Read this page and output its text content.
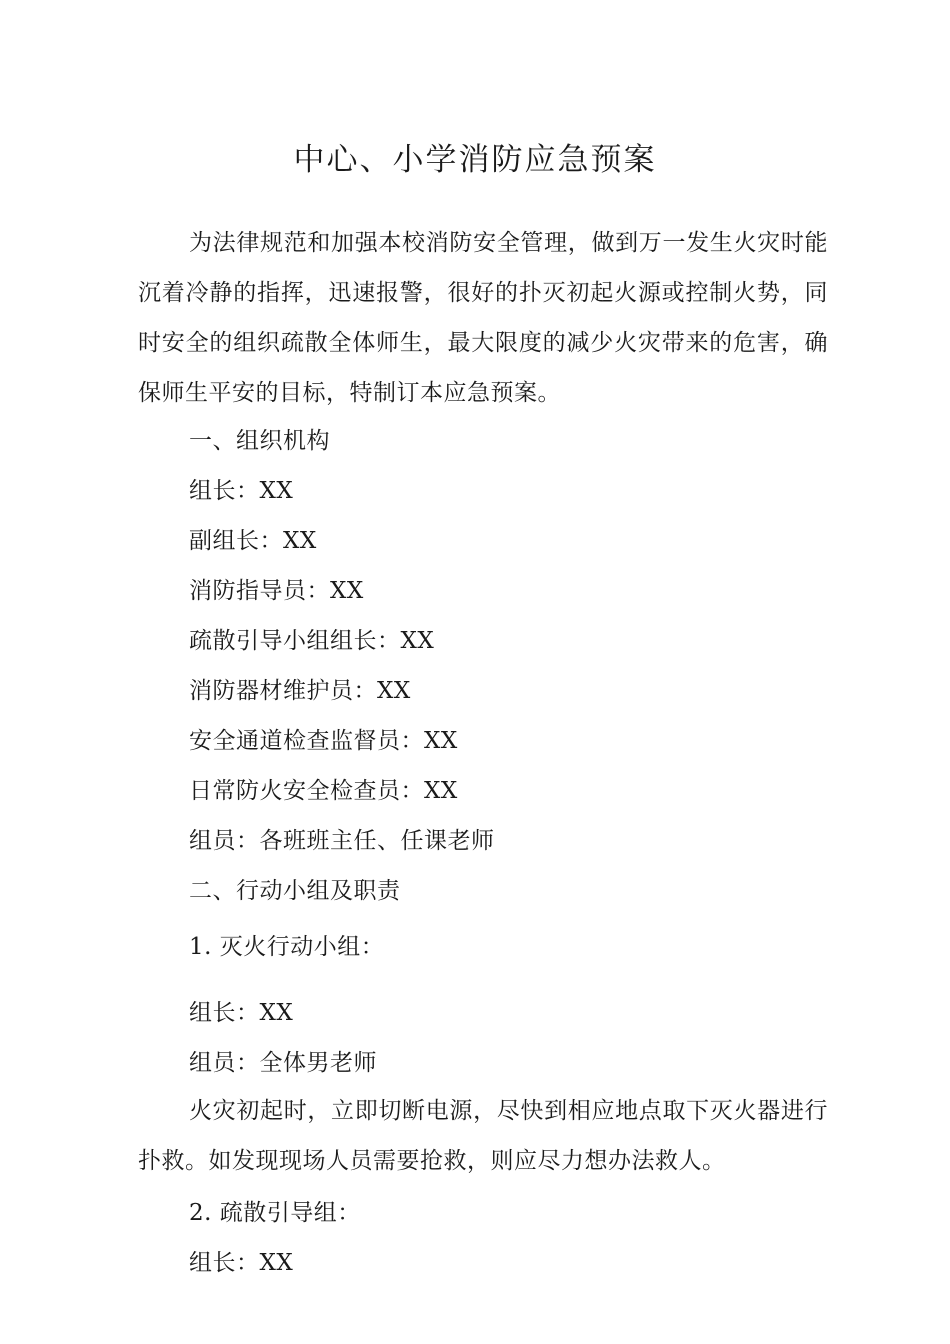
中心、小学消防应急预案
为法律规范和加强本校消防安全管理，做到万一发生火灾时能沉着冷静的指挥，迅速报警，很好的扑灭初起火源或控制火势，同时安全的组织疏散全体师生，最大限度的减少火灾带来的危害，确保师生平安的目标，特制订本应急预案。
一、组织机构
组长：XX
副组长：XX
消防指导员：XX
疏散引导小组组长：XX
消防器材维护员：XX
安全通道检查监督员：XX
日常防火安全检查员：XX
组员：各班班主任、任课老师
二、行动小组及职责
1. 灭火行动小组：
组长：XX
组员：全体男老师
火灾初起时，立即切断电源，尽快到相应地点取下灭火器进行扑救。如发现现场人员需要抢救，则应尽力想办法救人。
2. 疏散引导组：
组长：XX
